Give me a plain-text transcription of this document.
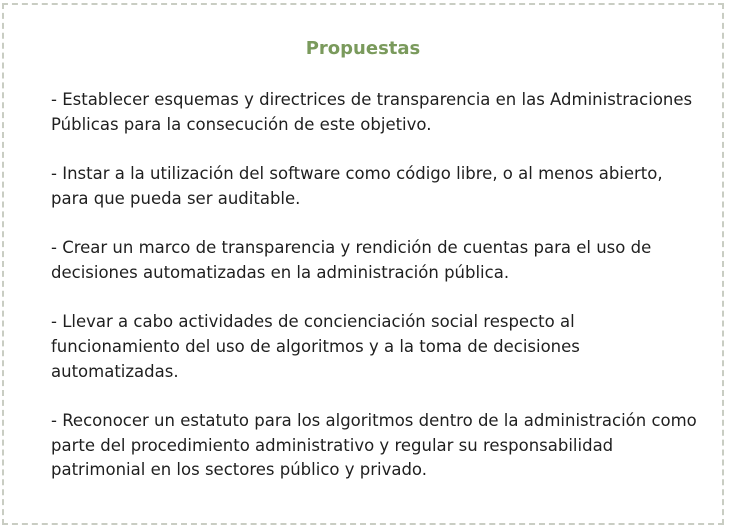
Propuestas
- Establecer esquemas y directrices de transparencia en las Administraciones Públicas para la consecución de este objetivo.
- Instar a la utilización del software como código libre, o al menos abierto, para que pueda ser auditable.
- Crear un marco de transparencia y rendición de cuentas para el uso de decisiones automatizadas en la administración pública.
- Llevar a cabo actividades de concienciación social respecto al funcionamiento del uso de algoritmos y a la toma de decisiones automatizadas.
- Reconocer un estatuto para los algoritmos dentro de la administración como parte del procedimiento administrativo y regular su responsabilidad patrimonial en los sectores público y privado.
